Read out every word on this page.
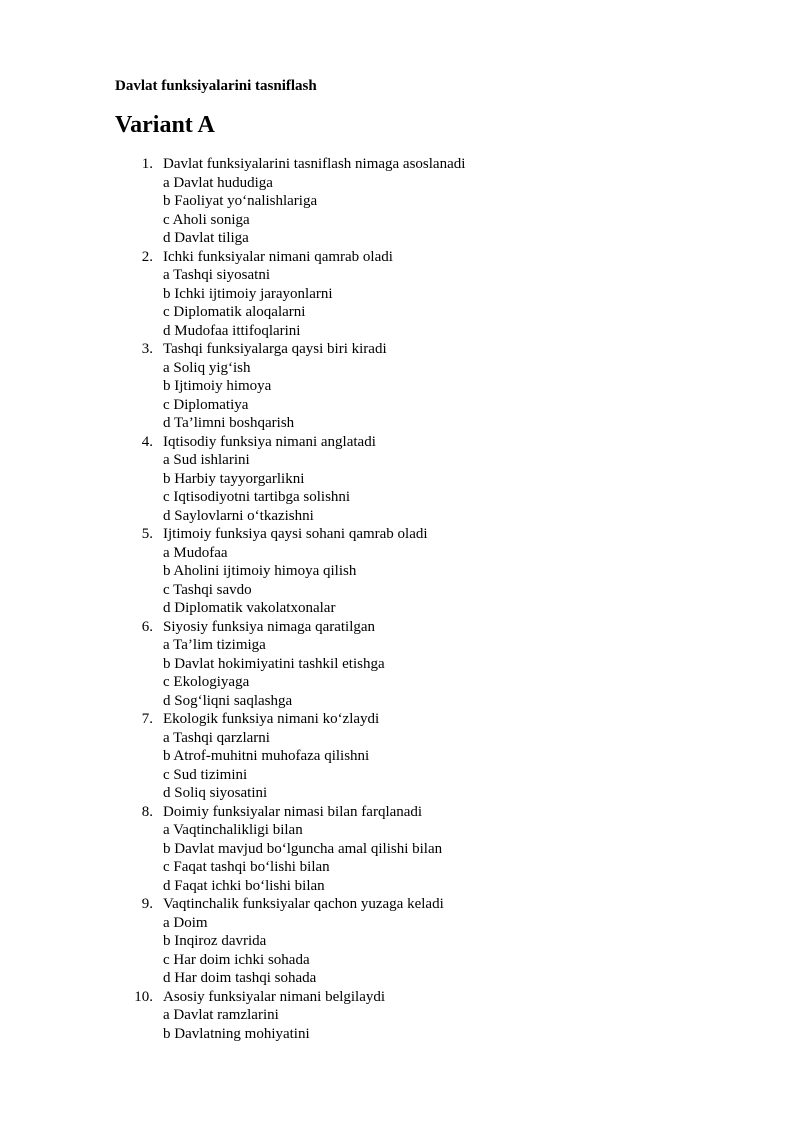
Davlat funksiyalarini tasniflash

Variant A
1. Davlat funksiyalarini tasniflash nimaga asoslanadi
a Davlat hududiga
b Faoliyat yo‘nalishlariga
c Aholi soniga
d Davlat tiliga
2. Ichki funksiyalar nimani qamrab oladi
a Tashqi siyosatni
b Ichki ijtimoiy jarayonlarni
c Diplomatik aloqalarni
d Mudofaa ittifoqlarini
3. Tashqi funksiyalarga qaysi biri kiradi
a Soliq yig‘ish
b Ijtimoiy himoya
c Diplomatiya
d Ta’limni boshqarish
4. Iqtisodiy funksiya nimani anglatadi
a Sud ishlarini
b Harbiy tayyorgarlikni
c Iqtisodiyotni tartibga solishni
d Saylovlarni o‘tkazishni
5. Ijtimoiy funksiya qaysi sohani qamrab oladi
a Mudofaa
b Aholini ijtimoiy himoya qilish
c Tashqi savdo
d Diplomatik vakolatxonalar
6. Siyosiy funksiya nimaga qaratilgan
a Ta’lim tizimiga
b Davlat hokimiyatini tashkil etishga
c Ekologiyaga
d Sog‘liqni saqlashga
7. Ekologik funksiya nimani ko‘zlaydi
a Tashqi qarzlarni
b Atrof-muhitni muhofaza qilishni
c Sud tizimini
d Soliq siyosatini
8. Doimiy funksiyalar nimasi bilan farqlanadi
a Vaqtinchalikligi bilan
b Davlat mavjud bo‘lguncha amal qilishi bilan
c Faqat tashqi bo‘lishi bilan
d Faqat ichki bo‘lishi bilan
9. Vaqtinchalik funksiyalar qachon yuzaga keladi
a Doim
b Inqiroz davrida
c Har doim ichki sohada
d Har doim tashqi sohada
10. Asosiy funksiyalar nimani belgilaydi
a Davlat ramzlarini
b Davlatning mohiyatini
